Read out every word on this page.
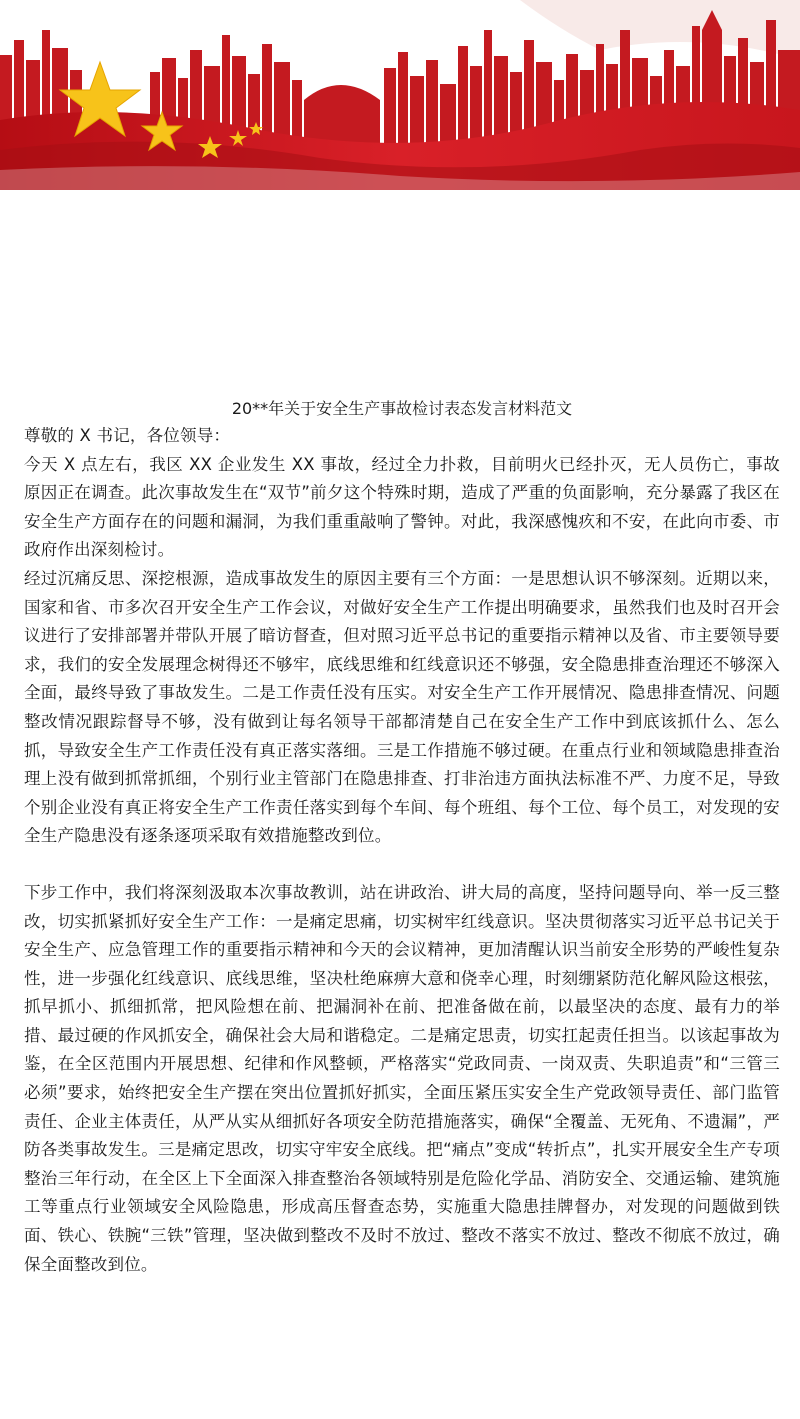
20**年关于安全生产事故检讨表态发言材料范文

尊敬的 X 书记，各位领导：

今天 X 点左右，我区 XX 企业发生 XX 事故，经过全力扑救，目前明火已经扑灭，无人员伤亡，事故原因正在调查。此次事故发生在“双节”前夕这个特殊时期，造成了严重的负面影响，充分暴露了我区在安全生产方面存在的问题和漏洞，为我们重重敲响了警钟。对此，我深感愧疚和不安，在此向市委、市政府作出深刻检讨。

经过沉痛反思、深挖根源，造成事故发生的原因主要有三个方面：一是思想认识不够深刻。近期以来，国家和省、市多次召开安全生产工作会议，对做好安全生产工作提出明确要求，虽然我们也及时召开会议进行了安排部署并带队开展了暗访督查，但对照习近平总书记的重要指示精神以及省、市主要领导要求，我们的安全发展理念树得还不够牢，底线思维和红线意识还不够强，安全隐患排查治理还不够深入全面，最终导致了事故发生。二是工作责任没有压实。对安全生产工作开展情况、隐患排查情况、问题整改情况跟踪督导不够，没有做到让每名领导干部都清楚自己在安全生产工作中到底该抓什么、怎么抓，导致安全生产工作责任没有真正落实落细。三是工作措施不够过硬。在重点行业和领域隐患排查治理上没有做到抓常抓细，个别行业主管部门在隐患排查、打非治违方面执法标准不严、力度不足，导致个别企业没有真正将安全生产工作责任落实到每个车间、每个班组、每个工位、每个员工，对发现的安全生产隐患没有逐条逐项采取有效措施整改到位。

下步工作中，我们将深刻汲取本次事故教训，站在讲政治、讲大局的高度，坚持问题导向、举一反三整改，切实抓紧抓好安全生产工作：一是痛定思痛，切实树牢红线意识。坚决贯彻落实习近平总书记关于安全生产、应急管理工作的重要指示精神和今天的会议精神，更加清醒认识当前安全形势的严峻性复杂性，进一步强化红线意识、底线思维，坚决杜绝麻痹大意和侥幸心理，时刻绷紧防范化解风险这根弦，抓早抓小、抓细抓常，把风险想在前、把漏洞补在前、把准备做在前，以最坚决的态度、最有力的举措、最过硬的作风抓安全，确保社会大局和谐稳定。二是痛定思责，切实扛起责任担当。以该起事故为鉴，在全区范围内开展思想、纪律和作风整顿，严格落实“党政同责、一岗双责、失职追责”和“三管三必须”要求，始终把安全生产摆在突出位置抓好抓实，全面压紧压实安全生产党政领导责任、部门监管责任、企业主体责任，从严从实从细抓好各项安全防范措施落实，确保“全覆盖、无死角、不遗漏”，严防各类事故发生。三是痛定思改，切实守牢安全底线。把“痛点”变成“转折点”，扎实开展安全生产专项整治三年行动，在全区上下全面深入排查整治各领域特别是危险化学品、消防安全、交通运输、建筑施工等重点行业领域安全风险隐患，形成高压督查态势，实施重大隐患挂牌督办，对发现的问题做到铁面、铁心、铁腕“三铁”管理，坚决做到整改不及时不放过、整改不落实不放过、整改不彻底不放过，确保全面整改到位。
